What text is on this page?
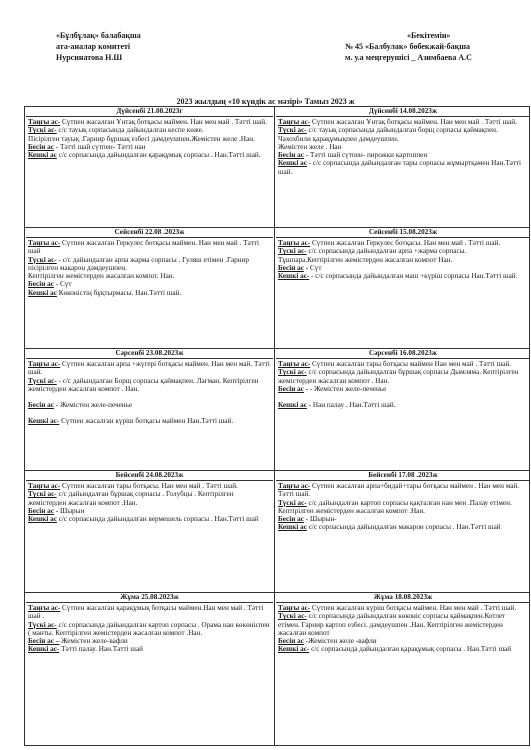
«Бұлбұлақ» балабақша
ата-аналар комитеті
Нурсинатова Н.Ш
«Бекітемін»
№ 45 «Балбулак» бөбекжай-бақша
м. у.а меңгерушісі _ Азимбаева А.С
2023 жылдың «10 күндік ас мәзірі» Тамыз 2023 ж
Дүйсенбі 21.08.2023г
Таңғы ас- Сүтпен жасалған Ұнтақ ботқасы маймен. Нан мен май . Тәтті шай.
Түскі ас- с/с тауық сорпасында дайындалған кеспе көже.
Пісірілген тауық .Гарнир бұршақ езбесі дәмдеушпен.Жемістен желе .Нан.
Бесін ас - Тәтті шай сүтпен- Тәтті нан
Кешкі ас с/с сорпасында дайындалған қарақұмық сорпасы . Нан.Тәтті шай.
Дүйсенбі 14.08.2023ж
Таңғы ас- Сүтпен жасалған Ұнтақ ботқасы маймен. Нан мен май . Тәтті шай.
Түскі ас- с/с тауық сорпасында дайындалған борщ сорпасы қаймақпен. Чахохбили қарақұмықпен дәмдеушпен.
Жемістен желе . Нан
Бесін ас - Тәтті шай сүтпен- пирожки картоппен
Кешкі ас - с/с сорпасында дайындалған тары сорпасы жұмыртқамен Нан.Тәтті шай.
Сейсенбі 22.08 .2023ж
Таңғы ас- Сүтпен жасалған Геркулес ботқасы маймен. Нан мен май . Тәтті шай
Түскі ас- - с/с дайындалған арпа жарма сорпасы . Гуляш етімен .Гарнир пісірілген макарон дәмдеушпен.
Кептірілген жемістерден жасалған компот. Нан.
Бесін ас - Сүт
Кешкі ас Көконістің бұқтырмасы. Нан.Тәтті шай.
Сейсенбі 15.08.2023ж
Таңғы ас- Сүтпен жасалған Геркулес ботқасы. Нан мен май . Тәтті шай.
Түскі ас- с/с сорпасында дайындалған арпа +жарма сорпасы. Тұшпара.Кептірілген жемістерден жасалған компот Нан.
Бесін ас - Сүт
Кешкі ас- - с/с сорпасында дайындалған маш +күріш сорпасы Нан.Тәтті шай.
Сәрсенбі 23.08.2023ж
Таңғы ас- Сүтпен жасалған арпа +жүгері ботқасы маймен. Нан мен май. Тәтті шай.
Түскі ас- - с/с дайындалған Борщ сорпасы қаймақпен. Лағман. Кептірілген жемістерден жасалған компот . Нан.
Бесін ас - Жемістен желе-печенье
Кешкі ас- Сүтпен жасалған күріш ботқасы маймен Нан.Тәтті шай.
Сәрсенбі 16.08.2023ж
Таңғы ас- Сүтпен жасалған тары ботқасы маймен Нан мен май . Тәтті шай.
Түскі ас- с/с сорпасында дайындалған бұршақ сорпасы Дымляма. Кептірілген жемістерден жасалған компот . Нан.
Бесін ас - - Жемістен желе-печенье
Кешкі ас - Нан палау . Нан.Тәтті шай.
Бейсенбі 24.08.2023ж
Таңғы ас- Сүтпен жасалған тары ботқасы. Нан мен май . Тәтті шай.
Түскі ас- с/с дайындалған бұршақ сорпасы . Голубцы . Кептірілген жемістерден жасалған компот .Нан.
Бесін ас - Шырын
Кешкі ас с/с сорпасында дайындалған вермешель сорпасы . Нан.Тәтті шай
Бейсенбі 17.08 .2023ж
Таңғы ас- Сүтпен жасалған арпа+бидай+тары ботқасы маймен . Нан мен май. Тәтті шай.
Түскі ас- с/с дайындалған картоп сорпасы қақталған нан мен .Палау етімен. Кептірілген жемістерден жасалған компот .Нан.
Бесін ас - Шырын-
Кешкі ас с/с сорпасында дайындалған макарон сорпасы . Нан.Тәтті шай
Жұма 25.08.2023ж
Таңғы ас- Сүтпен жасалған қарақұмық ботқасы маймен.Нан мен май . Тәтті шай .
Түскі ас- с/с сорпасында дайындалған картоп сорпасы . Орама нан көкөніспен ( манты. Кептірілген жемістерден жасалған компот .Нан.
Бесін ас – Жемістен желе-вафли
Кешкі ас- Тәтті палау. Нан.Тәтті шай
Жұма 18.08.2023ж
Таңғы ас- Сүтпен жасалған күріш ботқасы маймен. Нан мен май . Тәтті шай.
Түскі ас- с/с сорпасында дайындалған көконіс сорпасы қаймақпен.Котлет етімен. Гарнир картоп езбесі. дәмдеушпен .Нан. Кептірілген жемістерден жасалған компот
Бесін ас -Жемістен желе -вафли
Кешкі ас- с/с сорпасында дайындалған қарақұмық сорпасы . Нан.Тәтті шай
